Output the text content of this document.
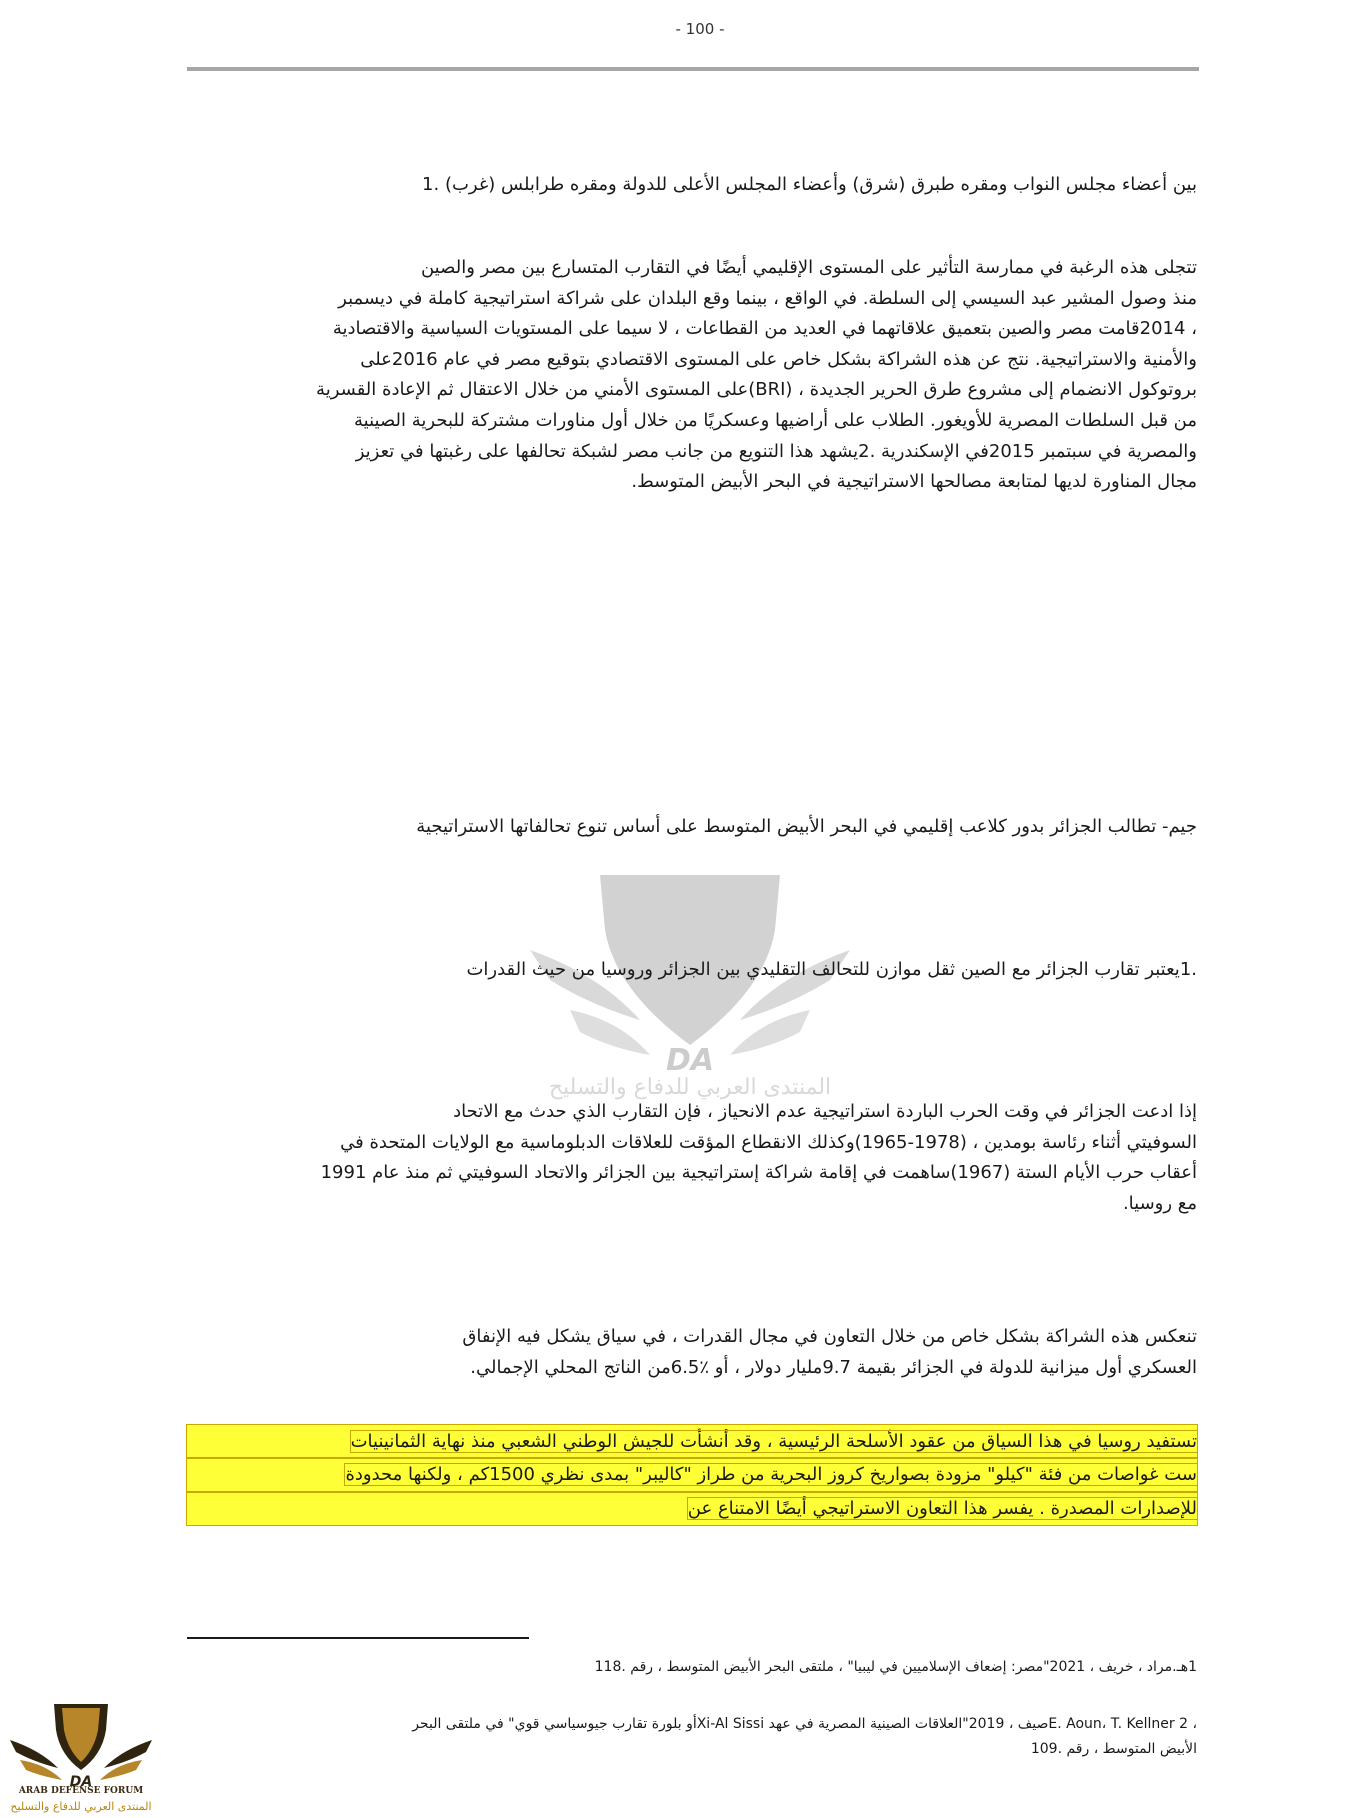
- 100 -
بين أعضاء مجلس النواب ومقره طبرق (شرق) وأعضاء المجلس الأعلى للدولة ومقره طرابلس (غرب) .1
تتجلى هذه الرغبة في ممارسة التأثير على المستوى الإقليمي أيضًا في التقارب المتسارع بين مصر والصين
منذ وصول المشير عبد السيسي إلى السلطة. في الواقع ، بينما وقع البلدان على شراكة استراتيجية كاملة في ديسمبر
، 2014قامت مصر والصين بتعميق علاقاتهما في العديد من القطاعات ، لا سيما على المستويات السياسية والاقتصادية
والأمنية والاستراتيجية. نتج عن هذه الشراكة بشكل خاص على المستوى الاقتصادي بتوقيع مصر في عام 2016على
بروتوكول الانضمام إلى مشروع طرق الحرير الجديدة ، (BRI)على المستوى الأمني من خلال الاعتقال ثم الإعادة القسرية
من قبل السلطات المصرية للأويغور. الطلاب على أراضيها وعسكريًا من خلال أول مناورات مشتركة للبحرية الصينية
والمصرية في سبتمبر 2015في الإسكندرية .2يشهد هذا التنويع من جانب مصر لشبكة تحالفها على رغبتها في تعزيز
مجال المناورة لديها لمتابعة مصالحها الاستراتيجية في البحر الأبيض المتوسط.
جيم- تطالب الجزائر بدور كلاعب إقليمي في البحر الأبيض المتوسط على أساس تنوع تحالفاتها الاستراتيجية
DA
المنتدى العربي للدفاع والتسليح
.1يعتبر تقارب الجزائر مع الصين ثقل موازن للتحالف التقليدي بين الجزائر وروسيا من حيث القدرات
إذا ادعت الجزائر في وقت الحرب الباردة استراتيجية عدم الانحياز ، فإن التقارب الذي حدث مع الاتحاد
السوفيتي أثناء رئاسة بومدين ، (1978-1965)وكذلك الانقطاع المؤقت للعلاقات الدبلوماسية مع الولايات المتحدة في
أعقاب حرب الأيام الستة (1967)ساهمت في إقامة شراكة إستراتيجية بين الجزائر والاتحاد السوفيتي ثم منذ عام 1991
مع روسيا.
تنعكس هذه الشراكة بشكل خاص من خلال التعاون في مجال القدرات ، في سياق يشكل فيه الإنفاق
العسكري أول ميزانية للدولة في الجزائر بقيمة 9.7مليار دولار ، أو ٪6.5من الناتج المحلي الإجمالي.
تستفيد روسيا في هذا السياق من عقود الأسلحة الرئيسية ، وقد أنشأت للجيش الوطني الشعبي منذ نهاية الثمانينيات
ست غواصات من فئة "كيلو" مزودة بصواريخ كروز البحرية من طراز "كاليبر" بمدى نظري 1500كم ، ولكنها محدودة
للإصدارات المصدرة . يفسر هذا التعاون الاستراتيجي أيضًا الامتناع عن
1هـ.مراد ، خريف ، 2021"مصر: إضعاف الإسلاميين في ليبيا" ، ملتقى البحر الأبيض المتوسط ، رقم .118
، E. Aoun، T. Kellner 2صيف ، 2019"العلاقات الصينية المصرية في عهد Xi-Al Sissiأو بلورة تقارب جيوسياسي قوي" في ملتقى البحر
الأبيض المتوسط ، رقم .109
DA
ARAB DEFENSE FORUM
المنتدى العربي للدفاع والتسليح
